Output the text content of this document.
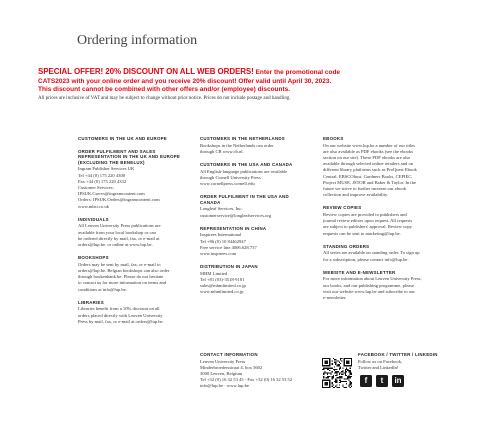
Ordering information
SPECIAL OFFER! 20% DISCOUNT ON ALL WEB ORDERS! Enter the promotional code
CATS2023 with your online order and you receive 20% discount! Offer valid until April 30, 2023.
This discount cannot be combined with other offers and/or (employee) discounts.
All prices are inclusive of VAT and may be subject to change without prior notice. Prices do not include postage and handling.
CUSTOMERS IN THE UK AND EUROPE
ORDER FULFILMENT AND SALES REPRESENTATION IN THE UK AND EUROPE (EXCLUDING THE BENELUX)
Ingram Publisher Services UK
Tel +44 (0) 175 220 4300
Fax +44 (0) 175 220 4332
Customer Services:
IPSUK.Cservs@ingramcontent.com
Orders: IPSUK.Orders@ingramcontent.com
www.mbsi.co.uk
INDIVIDUALS
All Leuven University Press publications are
available from your local bookshop or can
be ordered directly by mail, fax, or e-mail at
orders@lup.be, or online at www.lup.be.
BOOKSHOPS
Orders may be sent by mail, fax, or e-mail to
orders@lup.be. Belgian bookshops can also order
through bookenbank.be. Please do not hesitate
to contact us for more information on terms and
conditions at info@lup.be.
LIBRARIES
Libraries benefit from a 10% discount on all
orders placed directly with Leuven University
Press by mail, fax, or e-mail at orders@lup.be.
CUSTOMERS IN THE NETHERLANDS
Bookshops in the Netherlands can order
through CB www.cb.nl.
CUSTOMERS IN THE USA AND CANADA
All English-language publications are available
through Cornell University Press
www.cornellpress.cornell.edu
ORDER FULFILMENT IN THE USA AND CANADA
Longleaf Services, Inc.
customerservice@longleafservices.org
REPRESENTATION IN CHINA
Inspirees International
Tel +86 (0) 10 84462947
Free service line 4006.628.737
www.inspirees.com
DISTRIBUTION IN JAPAN
MHM Limited
Tel +81 (03)-3518-9181
sales@mhmlimited.co.jp
www.mhmlimited.co.jp
EBOOKS
On our website www.lup.be a number of our titles
are also available as PDF ebooks (see the ebooks
section on our site). These PDF ebooks are also
available through selected online retailers and on
different library platforms such as ProQuest Ebook
Central, EBSCOhost, Gardners Books, CEPIEC,
Project MUSE, JSTOR and Baker & Taylor. In the
future we strive to further increase our ebook
collection and improve availability.
REVIEW COPIES
Review copies are provided to publishers and
journal review editors upon request. All requests
are subject to publishers' approval. Review copy
requests can be sent to marketing@lup.be.
STANDING ORDERS
All series are available on standing order. To sign up
for a subscription, please contact info@lup.be.
WEBSITE AND E-NEWSLETTER
For more information about Leuven University Press,
our books, and our publishing programme, please
visit our website www.lup.be and subscribe to our
e-newsletter.
CONTACT INFORMATION
Leuven University Press
Minderbroedersstraat 4, box 5602
3000 Leuven, Belgium
Tel +32 (0) 16 32 53 45 - Fax +32 (0) 16 32 53 52
info@lup.be · www.lup.be
FACEBOOK / TWITTER / LINKEDIN
Follow us on Facebook,
Twitter and LinkedIn!
f	t	in
